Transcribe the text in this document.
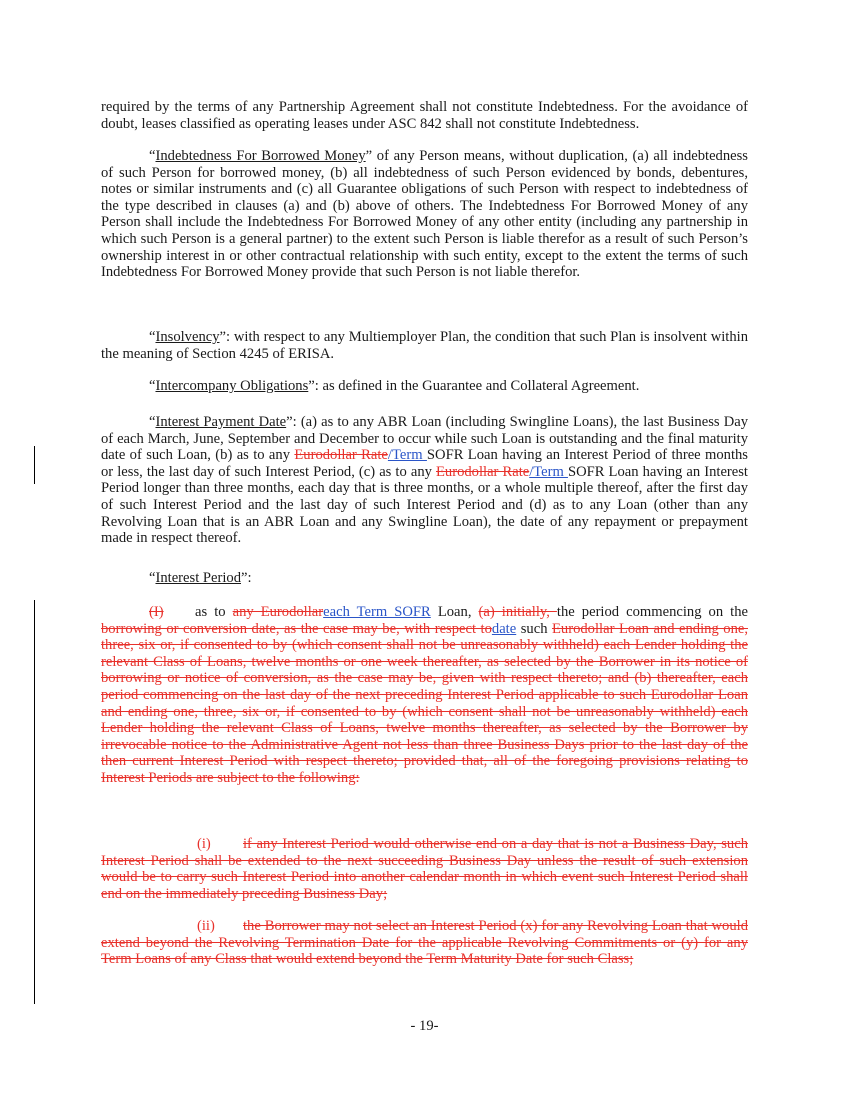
required by the terms of any Partnership Agreement shall not constitute Indebtedness. For the avoidance of doubt, leases classified as operating leases under ASC 842 shall not constitute Indebtedness.

“Indebtedness For Borrowed Money” of any Person means, without duplication, (a) all indebtedness of such Person for borrowed money, (b) all indebtedness of such Person evidenced by bonds, debentures, notes or similar instruments and (c) all Guarantee obligations of such Person with respect to indebtedness of the type described in clauses (a) and (b) above of others. The Indebtedness For Borrowed Money of any Person shall include the Indebtedness For Borrowed Money of any other entity (including any partnership in which such Person is a general partner) to the extent such Person is liable therefor as a result of such Person’s ownership interest in or other contractual relationship with such entity, except to the extent the terms of such Indebtedness For Borrowed Money provide that such Person is not liable therefor.

“Insolvency”: with respect to any Multiemployer Plan, the condition that such Plan is insolvent within the meaning of Section 4245 of ERISA.

“Intercompany Obligations”: as defined in the Guarantee and Collateral Agreement.

“Interest Payment Date”: (a) as to any ABR Loan (including Swingline Loans), the last Business Day of each March, June, September and December to occur while such Loan is outstanding and the final maturity date of such Loan, (b) as to any Eurodollar Rate/Term SOFR Loan having an Interest Period of three months or less, the last day of such Interest Period, (c) as to any Eurodollar Rate/Term SOFR Loan having an Interest Period longer than three months, each day that is three months, or a whole multiple thereof, after the first day of such Interest Period and the last day of such Interest Period and (d) as to any Loan (other than any Revolving Loan that is an ABR Loan and any Swingline Loan), the date of any repayment or prepayment made in respect thereof.

“Interest Period”:

(I) as to any Eurodollareach Term SOFR Loan, (a) initially, the period commencing on the borrowing or conversion date, as the case may be, with respect todate such Eurodollar Loan and ending one, three, six or, if consented to by (which consent shall not be unreasonably withheld) each Lender holding the relevant Class of Loans, twelve months or one week thereafter, as selected by the Borrower in its notice of borrowing or notice of conversion, as the case may be, given with respect thereto; and (b) thereafter, each period commencing on the last day of the next preceding Interest Period applicable to such Eurodollar Loan and ending one, three, six or, if consented to by (which consent shall not be unreasonably withheld) each Lender holding the relevant Class of Loans, twelve months thereafter, as selected by the Borrower by irrevocable notice to the Administrative Agent not less than three Business Days prior to the last day of the then current Interest Period with respect thereto; provided that, all of the foregoing provisions relating to Interest Periods are subject to the following:

(i) if any Interest Period would otherwise end on a day that is not a Business Day, such Interest Period shall be extended to the next succeeding Business Day unless the result of such extension would be to carry such Interest Period into another calendar month in which event such Interest Period shall end on the immediately preceding Business Day;

(ii) the Borrower may not select an Interest Period (x) for any Revolving Loan that would extend beyond the Revolving Termination Date for the applicable Revolving Commitments or (y) for any Term Loans of any Class that would extend beyond the Term Maturity Date for such Class;

- 19-
